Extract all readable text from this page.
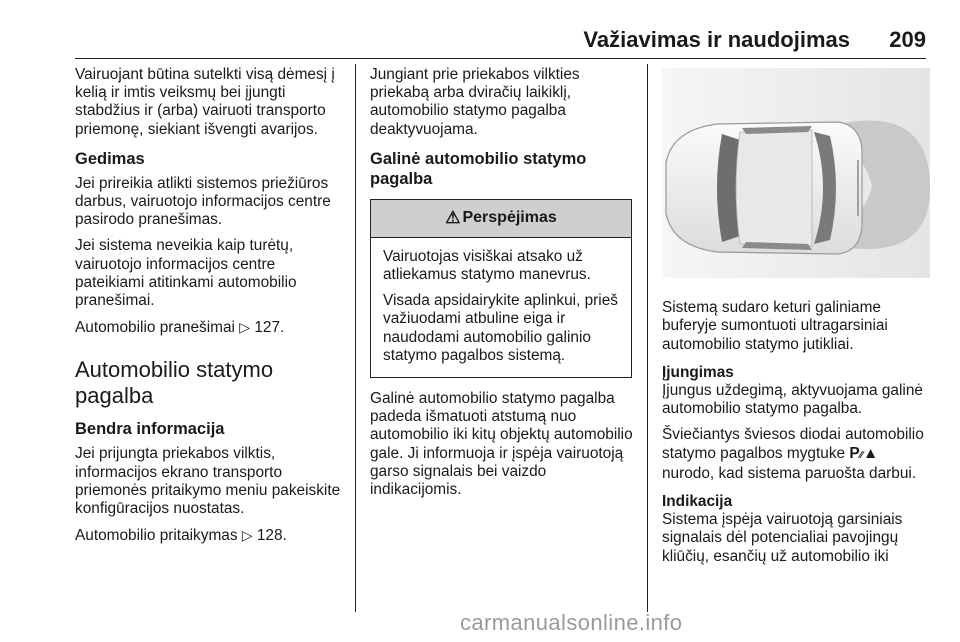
Važiavimas ir naudojimas 209

Vairuojant būtina sutelkti visą dėmesį į kelią ir imtis veiksmų bei įjungti stabdžius ir (arba) vairuoti transporto priemonę, siekiant išvengti avarijos.

Gedimas

Jei prireikia atlikti sistemos priežiūros darbus, vairuotojo informacijos centre pasirodo pranešimas.

Jei sistema neveikia kaip turėtų, vairuotojo informacijos centre pateikiami atitinkami automobilio pranešimai.

Automobilio pranešimai ▷ 127.

Automobilio statymo pagalba
Bendra informacija

Jei prijungta priekabos vilktis, informacijos ekrano transporto priemonės pritaikymo meniu pakeiskite konfigūracijos nuostatas.

Automobilio pritaikymas ▷ 128.

Jungiant prie priekabos vilkties priekabą arba dviračių laikiklį, automobilio statymo pagalba deaktyvuojama.

Galinė automobilio statymo pagalba
⚠ Perspėjimas

Vairuotojas visiškai atsako už atliekamus statymo manevrus.

Visada apsidairykite aplinkui, prieš važiuodami atbuline eiga ir naudodami automobilio galinio statymo pagalbos sistemą.

Galinė automobilio statymo pagalba padeda išmatuoti atstumą nuo automobilio iki kitų objektų automobilio gale. Ji informuoja ir įspėja vairuotoją garso signalais bei vaizdo indikacijomis.

Sistemą sudaro keturi galiniame buferyje sumontuoti ultragarsiniai automobilio statymo jutikliai.

Įjungimas

Įjungus uždegimą, aktyvuojama galinė automobilio statymo pagalba.

Šviečiantys šviesos diodai automobilio statymo pagalbos mygtuke P∕∕▲ nurodo, kad sistema paruošta darbui.

Indikacija

Sistema įspėja vairuotoją garsiniais signalais dėl potencialiai pavojingų kliūčių, esančių už automobilio iki

carmanualsonline.info
